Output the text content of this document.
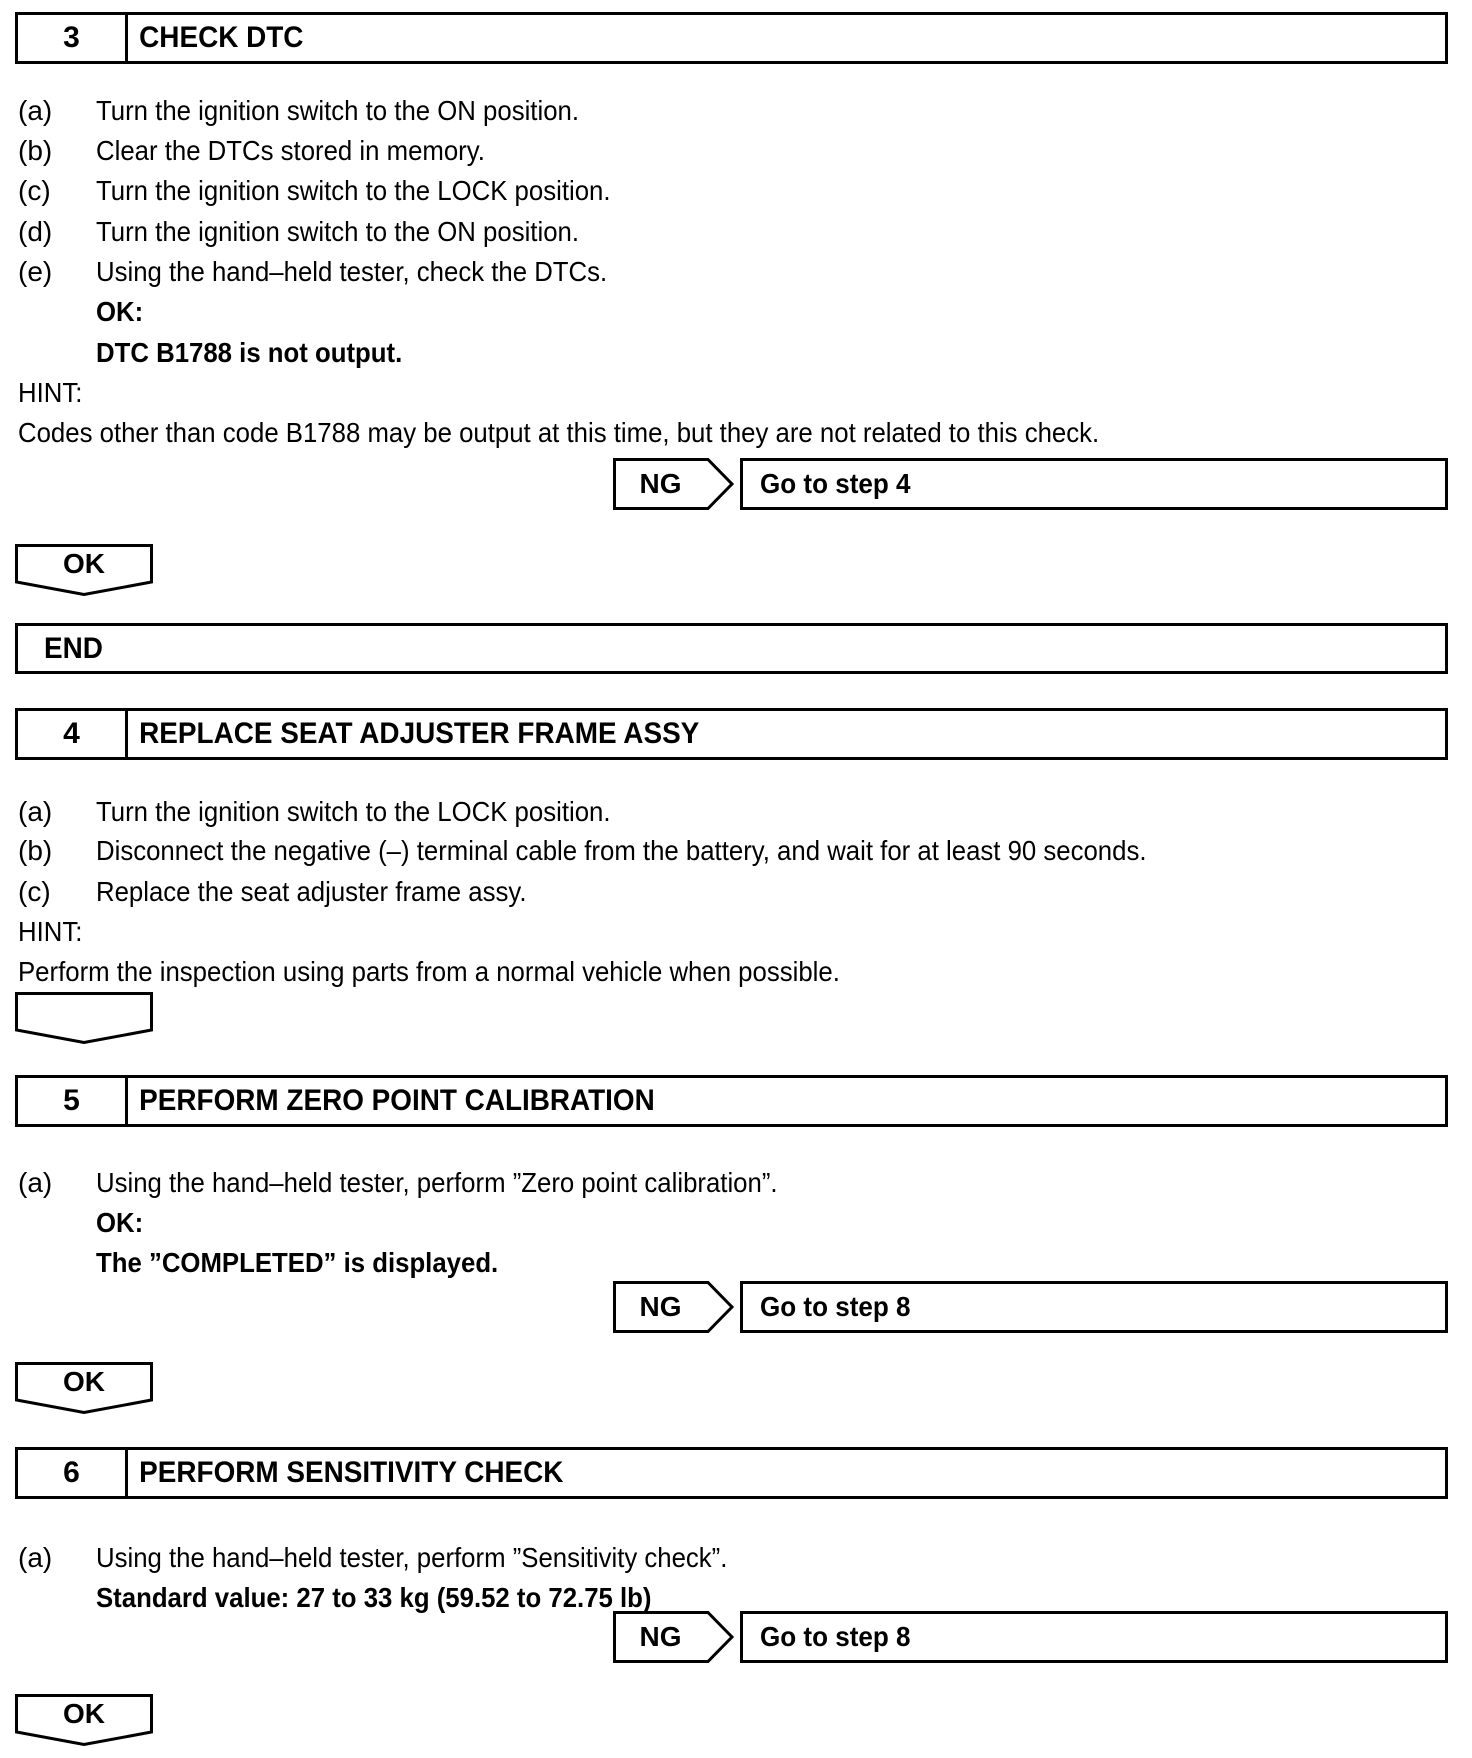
3	CHECK DTC
(a) Turn the ignition switch to the ON position.
(b) Clear the DTCs stored in memory.
(c) Turn the ignition switch to the LOCK position.
(d) Turn the ignition switch to the ON position.
(e) Using the hand–held tester, check the DTCs.
OK:
DTC B1788 is not output.
HINT:
Codes other than code B1788 may be output at this time, but they are not related to this check.
NG	Go to step 4
OK
END
4	REPLACE SEAT ADJUSTER FRAME ASSY
(a) Turn the ignition switch to the LOCK position.
(b) Disconnect the negative (–) terminal cable from the battery, and wait for at least 90 seconds.
(c) Replace the seat adjuster frame assy.
HINT:
Perform the inspection using parts from a normal vehicle when possible.
5	PERFORM ZERO POINT CALIBRATION
(a) Using the hand–held tester, perform ”Zero point calibration”.
OK:
The ”COMPLETED” is displayed.
NG	Go to step 8
OK
6	PERFORM SENSITIVITY CHECK
(a) Using the hand–held tester, perform ”Sensitivity check”.
Standard value: 27 to 33 kg (59.52 to 72.75 lb)
NG	Go to step 8
OK
